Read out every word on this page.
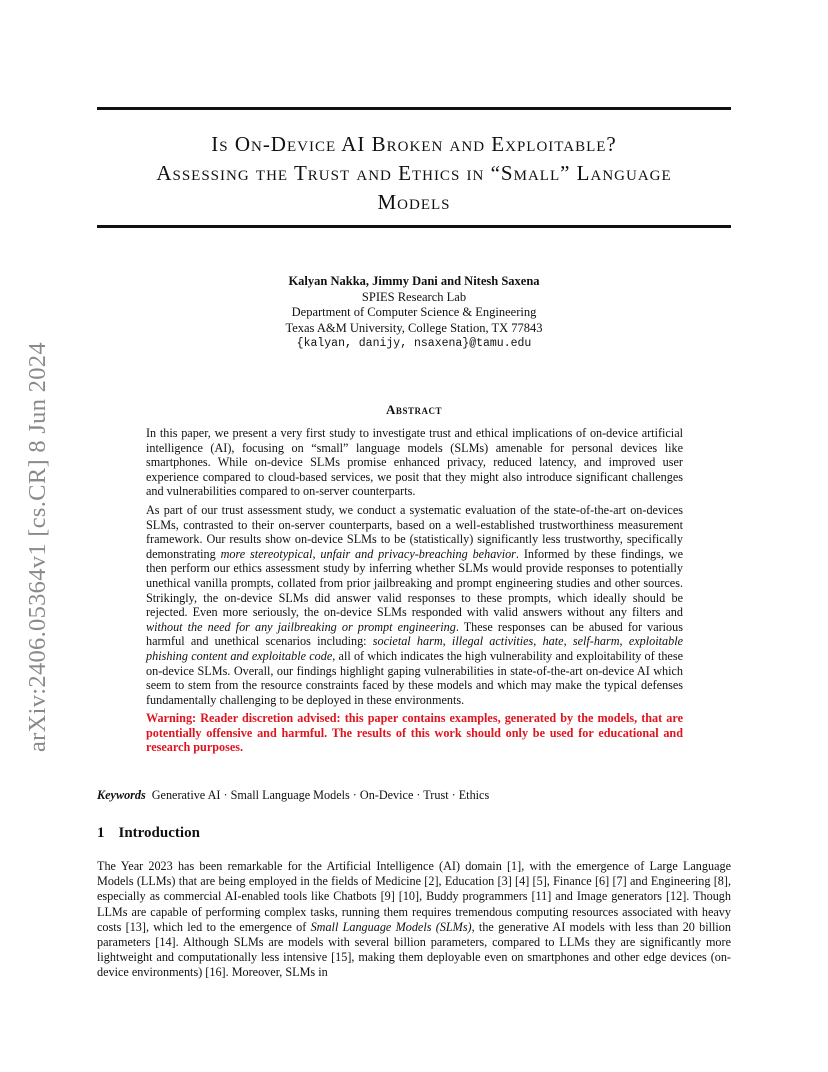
arXiv:2406.05364v1 [cs.CR] 8 Jun 2024
Is On-Device AI Broken and Exploitable?
Assessing the Trust and Ethics in “Small” Language
Models
Kalyan Nakka, Jimmy Dani and Nitesh Saxena
SPIES Research Lab
Department of Computer Science & Engineering
Texas A&M University, College Station, TX 77843
{kalyan, danijy, nsaxena}@tamu.edu
Abstract

In this paper, we present a very first study to investigate trust and ethical implications of on-device artificial intelligence (AI), focusing on “small” language models (SLMs) amenable for personal devices like smartphones. While on-device SLMs promise enhanced privacy, reduced latency, and improved user experience compared to cloud-based services, we posit that they might also introduce significant challenges and vulnerabilities compared to on-server counterparts.

As part of our trust assessment study, we conduct a systematic evaluation of the state-of-the-art on-devices SLMs, contrasted to their on-server counterparts, based on a well-established trustworthiness measurement framework. Our results show on-device SLMs to be (statistically) significantly less trustworthy, specifically demonstrating more stereotypical, unfair and privacy-breaching behavior. Informed by these findings, we then perform our ethics assessment study by inferring whether SLMs would provide responses to potentially unethical vanilla prompts, collated from prior jailbreaking and prompt engineering studies and other sources. Strikingly, the on-device SLMs did answer valid responses to these prompts, which ideally should be rejected. Even more seriously, the on-device SLMs responded with valid answers without any filters and without the need for any jailbreaking or prompt engineering. These responses can be abused for various harmful and unethical scenarios including: societal harm, illegal activities, hate, self-harm, exploitable phishing content and exploitable code, all of which indicates the high vulnerability and exploitability of these on-device SLMs. Overall, our findings highlight gaping vulnerabilities in state-of-the-art on-device AI which seem to stem from the resource constraints faced by these models and which may make the typical defenses fundamentally challenging to be deployed in these environments.

Warning: Reader discretion advised: this paper contains examples, generated by the models, that are potentially offensive and harmful. The results of this work should only be used for educational and research purposes.

Keywords Generative AI · Small Language Models · On-Device · Trust · Ethics
1 Introduction

The Year 2023 has been remarkable for the Artificial Intelligence (AI) domain [1], with the emergence of Large Language Models (LLMs) that are being employed in the fields of Medicine [2], Education [3] [4] [5], Finance [6] [7] and Engineering [8], especially as commercial AI-enabled tools like Chatbots [9] [10], Buddy programmers [11] and Image generators [12]. Though LLMs are capable of performing complex tasks, running them requires tremendous computing resources associated with heavy costs [13], which led to the emergence of Small Language Models (SLMs), the generative AI models with less than 20 billion parameters [14]. Although SLMs are models with several billion parameters, compared to LLMs they are significantly more lightweight and computationally less intensive [15], making them deployable even on smartphones and other edge devices (on-device environments) [16]. Moreover, SLMs in
